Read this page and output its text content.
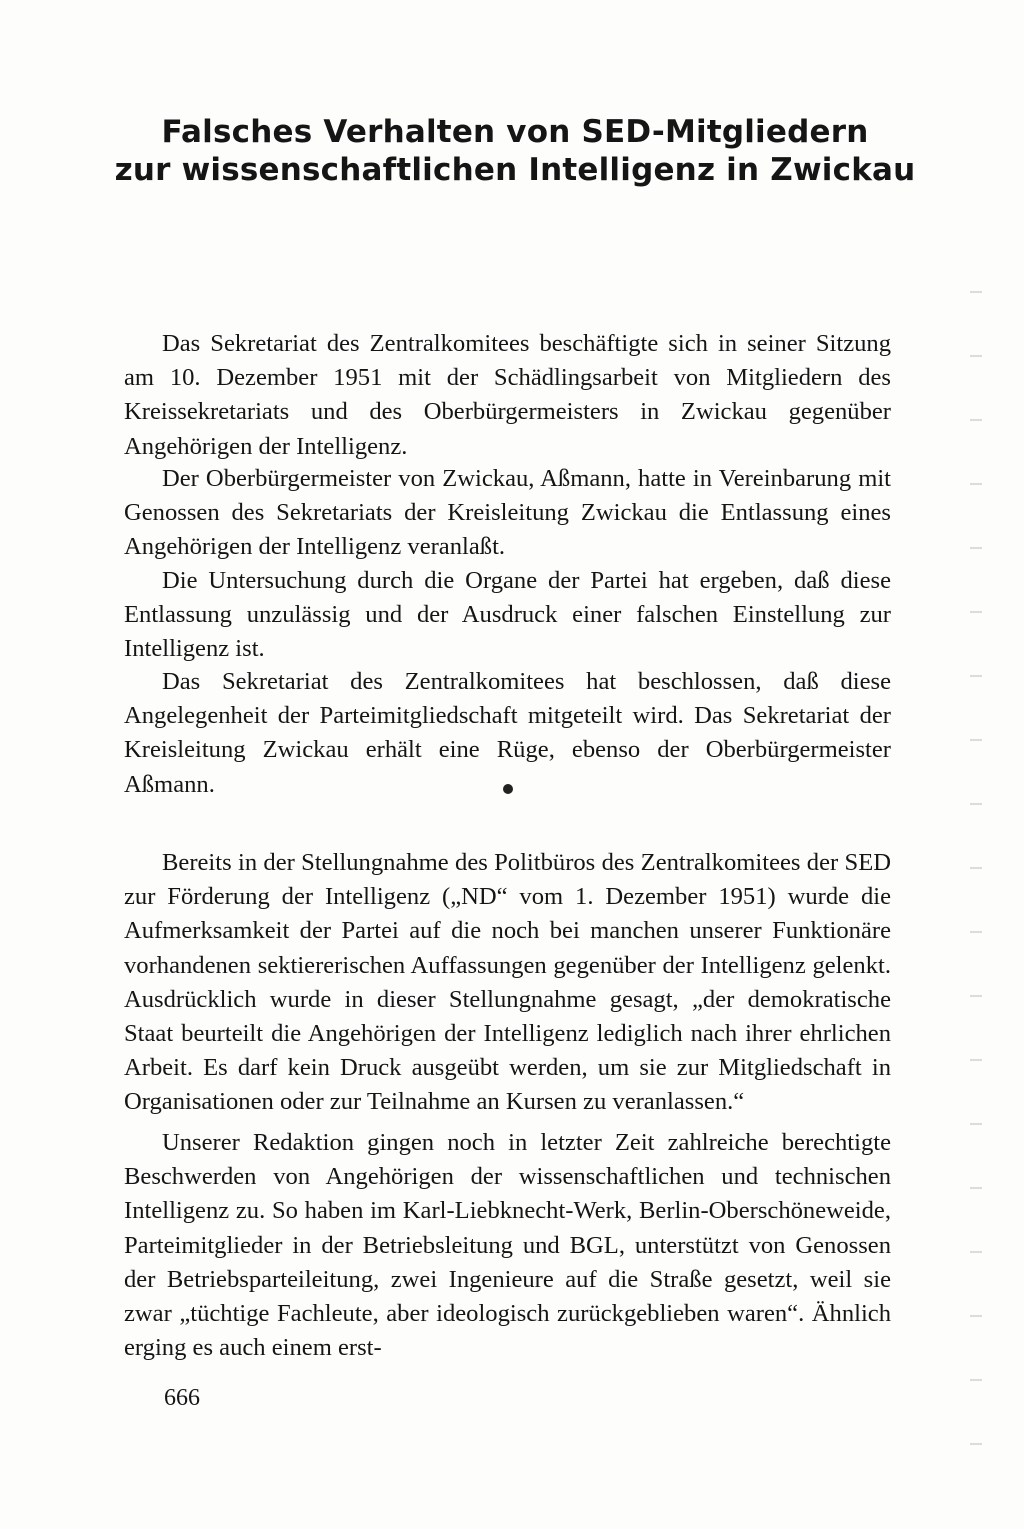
Falsches Verhalten von SED-Mitgliedern
zur wissenschaftlichen Intelligenz in Zwickau

Das Sekretariat des Zentralkomitees beschäftigte sich in seiner Sitzung am 10. Dezember 1951 mit der Schädlingsarbeit von Mitgliedern des Kreissekretariats und des Oberbürgermeisters in Zwickau gegenüber Angehörigen der Intelligenz.

Der Oberbürgermeister von Zwickau, Aßmann, hatte in Vereinbarung mit Genossen des Sekretariats der Kreisleitung Zwickau die Entlassung eines Angehörigen der Intelligenz veranlaßt.

Die Untersuchung durch die Organe der Partei hat ergeben, daß diese Entlassung unzulässig und der Ausdruck einer falschen Einstellung zur Intelligenz ist.

Das Sekretariat des Zentralkomitees hat beschlossen, daß diese Angelegenheit der Parteimitgliedschaft mitgeteilt wird. Das Sekretariat der Kreisleitung Zwickau erhält eine Rüge, ebenso der Oberbürgermeister Aßmann.

Bereits in der Stellungnahme des Politbüros des Zentralkomitees der SED zur Förderung der Intelligenz („ND“ vom 1. Dezember 1951) wurde die Aufmerksamkeit der Partei auf die noch bei manchen unserer Funktionäre vorhandenen sektiererischen Auffassungen gegenüber der Intelligenz gelenkt. Ausdrücklich wurde in dieser Stellungnahme gesagt, „der demokratische Staat beurteilt die Angehörigen der Intelligenz lediglich nach ihrer ehrlichen Arbeit. Es darf kein Druck ausgeübt werden, um sie zur Mitgliedschaft in Organisationen oder zur Teilnahme an Kursen zu veranlassen.“

Unserer Redaktion gingen noch in letzter Zeit zahlreiche berechtigte Beschwerden von Angehörigen der wissenschaftlichen und technischen Intelligenz zu. So haben im Karl-Liebknecht-Werk, Berlin-Oberschöneweide, Parteimitglieder in der Betriebsleitung und BGL, unterstützt von Genossen der Betriebsparteileitung, zwei Ingenieure auf die Straße gesetzt, weil sie zwar „tüchtige Fachleute, aber ideologisch zurückgeblieben waren“. Ähnlich erging es auch einem erst-

666
